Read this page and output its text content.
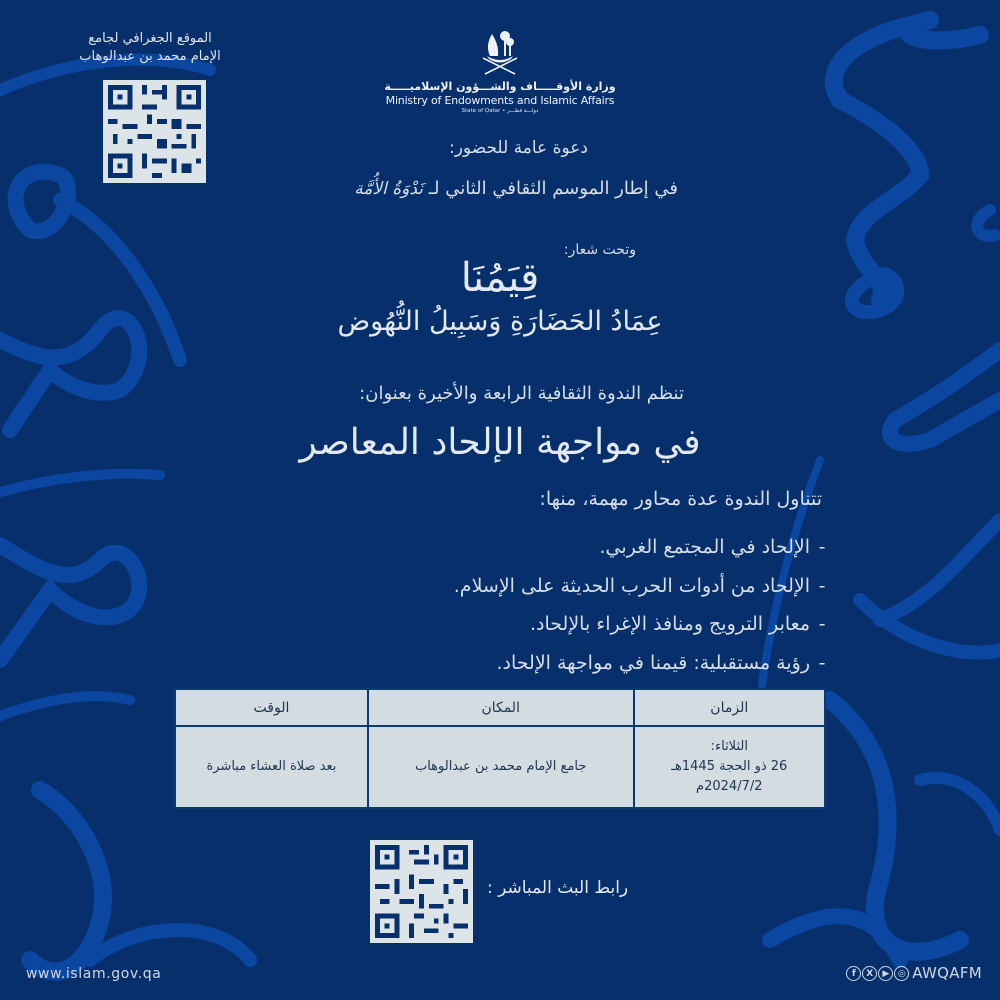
وزارة الأوقـــــاف والشـــؤون الإسلاميـــــة
Ministry of Endowments and Islamic Affairs
State of Qatar • دولـــة قطـــر
الموقع الجغرافي لجامع
الإمام محمد بن عبدالوهاب
دعوة عامة للحضور:
في إطار الموسم الثقافي الثاني لـ نَدْوَةُ الأُمَّة
وتحت شعار:
قِيَمُنَا
عِمَادُ الحَضَارَةِ وَسَبِيلُ النُّهُوض
تنظم الندوة الثقافية الرابعة والأخيرة بعنوان:
في مواجهة الإلحاد المعاصر
تتناول الندوة عدة محاور مهمة، منها:
-
الإلحاد في المجتمع الغربي.
-
الإلحاد من أدوات الحرب الحديثة على الإسلام.
-
معابر الترويج ومنافذ الإغراء بالإلحاد.
-
رؤية مستقبلية: قيمنا في مواجهة الإلحاد.
الزمان	المكان	الوقت

الثلاثاء:
26 ذو الحجة 1445هـ
2024/7/2م	جامع الإمام محمد بن عبدالوهاب	بعد صلاة العشاء مباشرة
رابط البث المباشر :
www.islam.gov.qa	f	X	▶ ◎ AWQAFM
